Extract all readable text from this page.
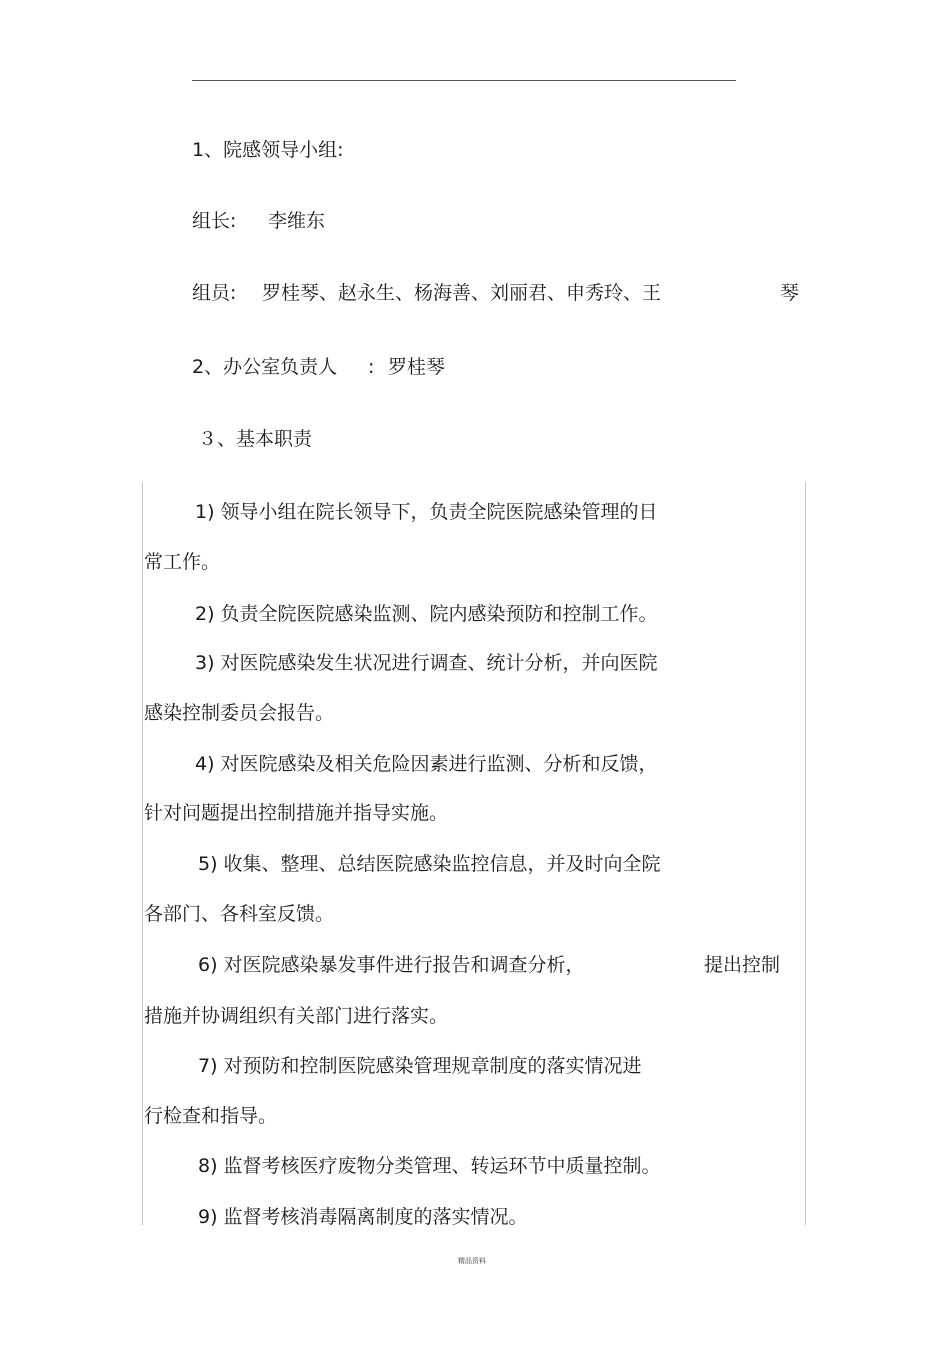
1、院感领导小组:
组长: 李维东
组员: 罗桂琴、赵永生、杨海善、刘丽君、申秀玲、王	琴
2、办公室负责人 : 罗桂琴
３、基本职责
1) 领导小组在院长领导下，负责全院医院感染管理的日
常工作。
2) 负责全院医院感染监测、院内感染预防和控制工作。
3) 对医院感染发生状况进行调查、统计分析，并向医院
感染控制委员会报告。
4) 对医院感染及相关危险因素进行监测、分析和反馈，
针对问题提出控制措施并指导实施。
5) 收集、整理、总结医院感染监控信息，并及时向全院
各部门、各科室反馈。
6) 对医院感染暴发事件进行报告和调查分析，	提出控制
措施并协调组织有关部门进行落实。
7) 对预防和控制医院感染管理规章制度的落实情况进
行检查和指导。
8) 监督考核医疗废物分类管理、转运环节中质量控制。
9) 监督考核消毒隔离制度的落实情况。
精品资料
